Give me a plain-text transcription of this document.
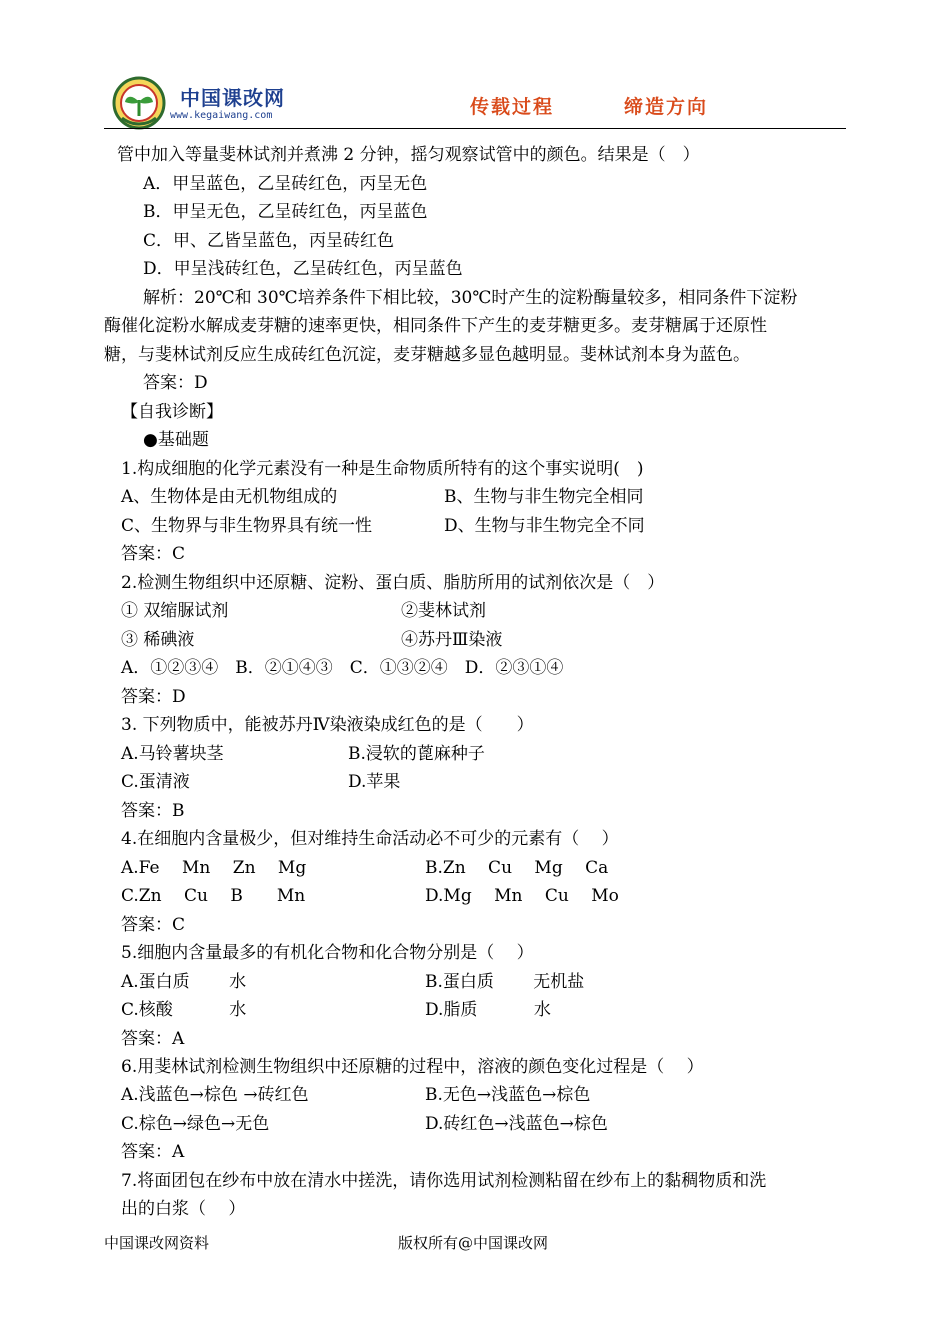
中国课改网
www.kegaiwang.com	传载过程	缔造方向
管中加入等量斐林试剂并煮沸 2 分钟，摇匀观察试管中的颜色。结果是（　）
A．甲呈蓝色，乙呈砖红色，丙呈无色
B．甲呈无色，乙呈砖红色，丙呈蓝色
C．甲、乙皆呈蓝色，丙呈砖红色
D．甲呈浅砖红色，乙呈砖红色，丙呈蓝色
解析：20℃和 30℃培养条件下相比较，30℃时产生的淀粉酶量较多，相同条件下淀粉
酶催化淀粉水解成麦芽糖的速率更快，相同条件下产生的麦芽糖更多。麦芽糖属于还原性
糖，与斐林试剂反应生成砖红色沉淀，麦芽糖越多显色越明显。斐林试剂本身为蓝色。
答案：D
【自我诊断】
●基础题
1.构成细胞的化学元素没有一种是生命物质所特有的这个事实说明(　)
A、生物体是由无机物组成的	B、生物与非生物完全相同
C、生物界与非生物界具有统一性	D、生物与非生物完全不同
答案：C
2.检测生物组织中还原糖、淀粉、蛋白质、脂肪所用的试剂依次是（　）
① 双缩脲试剂	②斐林试剂
③ 稀碘液	④苏丹Ⅲ染液
A．①②③④　B．②①④③　C．①③②④　D．②③①④
答案：D
3. 下列物质中，能被苏丹Ⅳ染液染成红色的是（　　）
A.马铃薯块茎	B.浸软的蓖麻种子
C.蛋清液	D.苹果
答案：B
4.在细胞内含量极少，但对维持生命活动必不可少的元素有（　 ）
A.Fe　 Mn　 Zn　 Mg	B.Zn　 Cu　 Mg　 Ca
C.Zn　 Cu　 B　　Mn	D.Mg　 Mn　 Cu　 Mo
答案：C
5.细胞内含量最多的有机化合物和化合物分别是（　 ）
A.蛋白质　　 水	B.蛋白质　　 无机盐
C.核酸　　　 水	D.脂质　　　 水
答案：A
6.用斐林试剂检测生物组织中还原糖的过程中，溶液的颜色变化过程是（　 ）
A.浅蓝色→棕色 →砖红色	B.无色→浅蓝色→棕色
C.棕色→绿色→无色	D.砖红色→浅蓝色→棕色
答案：A
7.将面团包在纱布中放在清水中搓洗，请你选用试剂检测粘留在纱布上的黏稠物质和洗
出的白浆（　 ）
中国课改网资料	版权所有@中国课改网
